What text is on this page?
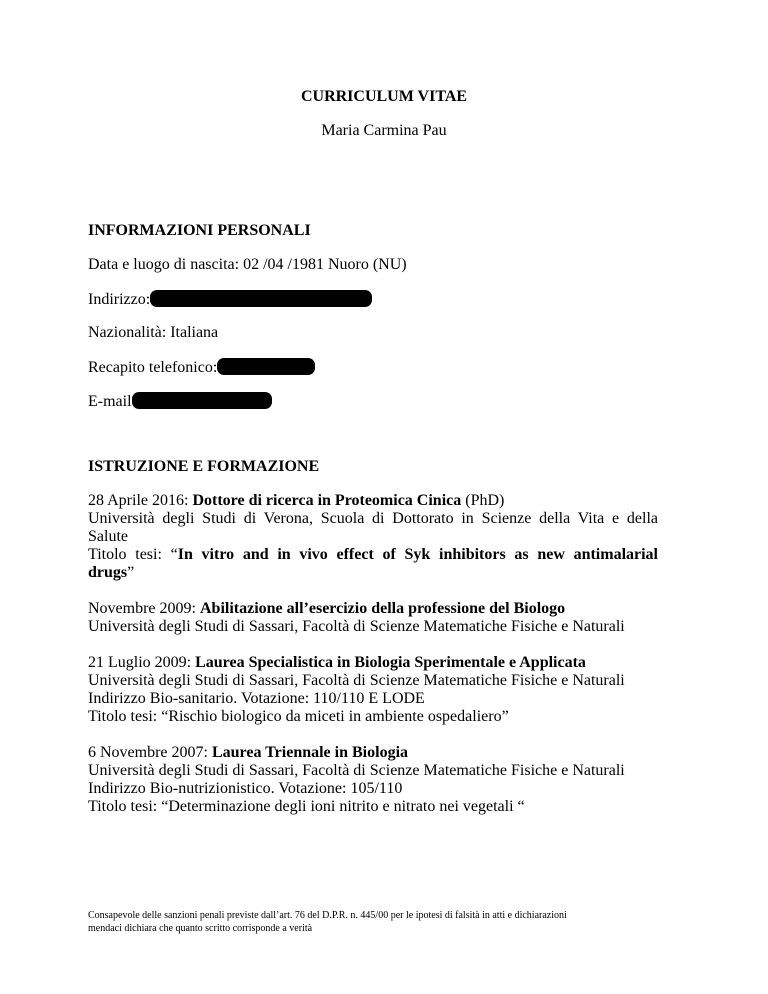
CURRICULUM VITAE
Maria Carmina Pau
INFORMAZIONI PERSONALI
Data e luogo di nascita: 02 /04 /1981 Nuoro (NU)
Indirizzo:
Nazionalità: Italiana
Recapito telefonico:
E-mail
ISTRUZIONE E FORMAZIONE
28 Aprile 2016: Dottore di ricerca in Proteomica Cinica (PhD)
Università degli Studi di Verona, Scuola di Dottorato in Scienze della Vita e della
Salute
Titolo tesi: “In vitro and in vivo effect of Syk inhibitors as new antimalarial
drugs”
Novembre 2009: Abilitazione all’esercizio della professione del Biologo
Università degli Studi di Sassari, Facoltà di Scienze Matematiche Fisiche e Naturali
21 Luglio 2009: Laurea Specialistica in Biologia Sperimentale e Applicata
Università degli Studi di Sassari, Facoltà di Scienze Matematiche Fisiche e Naturali
Indirizzo Bio-sanitario. Votazione: 110/110 E LODE
Titolo tesi: “Rischio biologico da miceti in ambiente ospedaliero”
6 Novembre 2007: Laurea Triennale in Biologia
Università degli Studi di Sassari, Facoltà di Scienze Matematiche Fisiche e Naturali
Indirizzo Bio-nutrizionistico. Votazione: 105/110
Titolo tesi: “Determinazione degli ioni nitrito e nitrato nei vegetali “
Consapevole delle sanzioni penali previste dall’art. 76 del D.P.R. n. 445/00 per le ipotesi di falsità in atti e dichiarazioni
mendaci dichiara che quanto scritto corrisponde a verità
